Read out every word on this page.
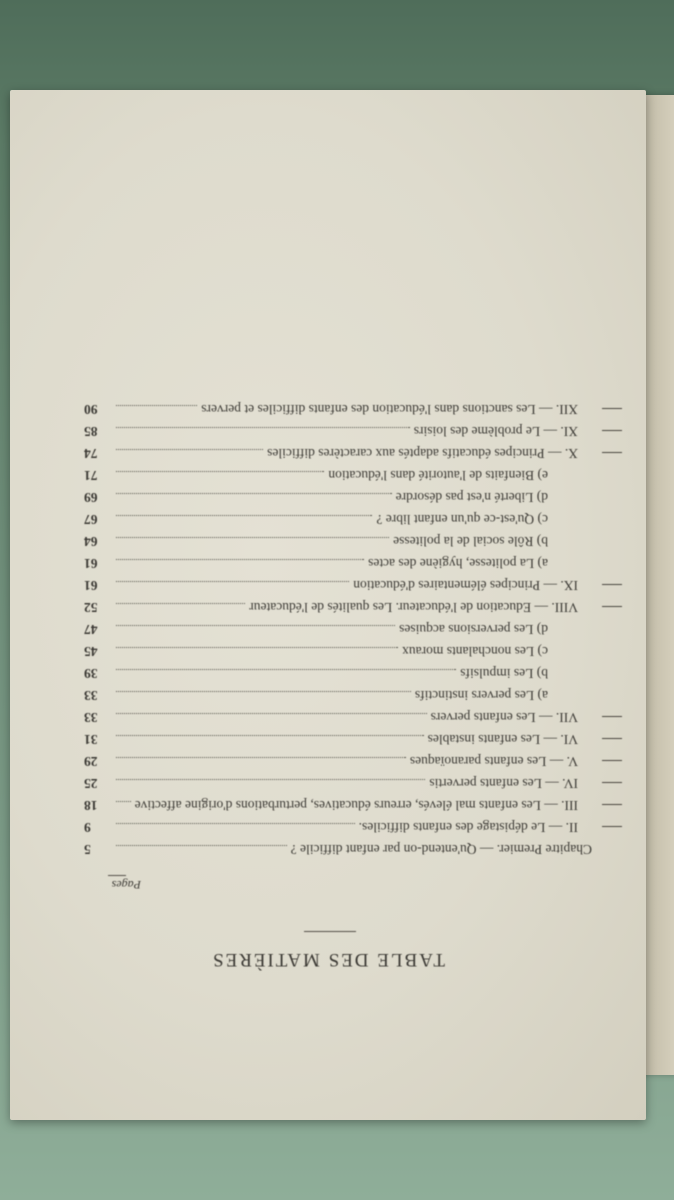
TABLE DES MATIÈRES
Pages
Chapitre Premier. — Qu'entend-on par enfant difficile ?
5
II. — Le dépistage des enfants difficiles.
9
III. — Les enfants mal élevés, erreurs éducatives, perturbations d'origine affective
18
IV. — Les enfants pervertis
25
V. — Les enfants paranoïaques
29
VI. — Les enfants instables
31
VII. — Les enfants pervers
33
a) Les pervers instinctifs
33
b) Les impulsifs
39
c) Les nonchalants moraux
45
d) Les perversions acquises
47
VIII. — Education de l'éducateur. Les qualités de l'éducateur
52
IX. — Principes élémentaires d'éducation
61
a) La politesse, hygiène des actes
61
b) Rôle social de la politesse
64
c) Qu'est-ce qu'un enfant libre ?
67
d) Liberté n'est pas désordre
69
e) Bienfaits de l'autorité dans l'éducation
71
X. — Principes éducatifs adaptés aux caractères difficiles
74
XI. — Le problème des loisirs
85
XII. — Les sanctions dans l'éducation des enfants difficiles et pervers
90
